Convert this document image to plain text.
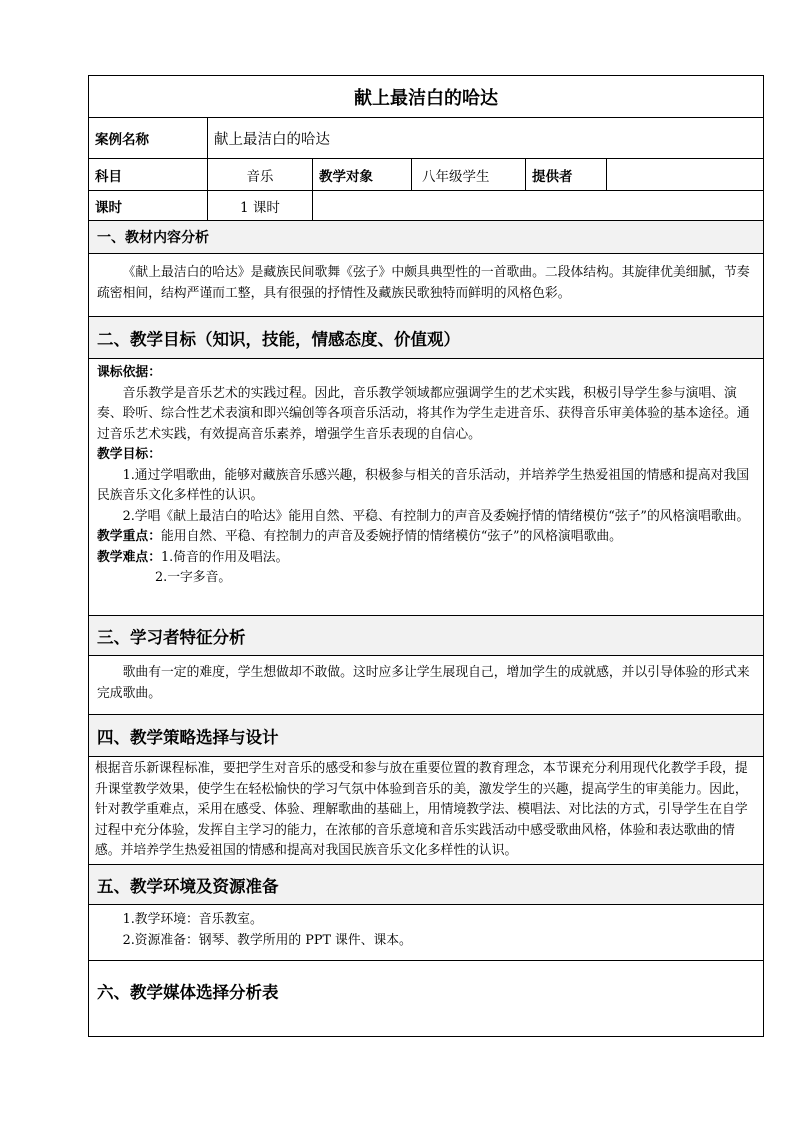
献上最洁白的哈达
案例名称	献上最洁白的哈达
科目	音乐	教学对象	八年级学生	提供者
课时	1 课时
一、教材内容分析
《献上最洁白的哈达》是藏族民间歌舞《弦子》中颇具典型性的一首歌曲。二段体结构。其旋律优美细腻，节奏疏密相间，结构严谨而工整，具有很强的抒情性及藏族民歌独特而鲜明的风格色彩。
二、教学目标（知识，技能，情感态度、价值观）

课标依据：

音乐教学是音乐艺术的实践过程。因此，音乐教学领域都应强调学生的艺术实践，积极引导学生参与演唱、演奏、聆听、综合性艺术表演和即兴编创等各项音乐活动，将其作为学生走进音乐、获得音乐审美体验的基本途径。通过音乐艺术实践，有效提高音乐素养，增强学生音乐表现的自信心。

教学目标：

1.通过学唱歌曲，能够对藏族音乐感兴趣，积极参与相关的音乐活动，并培养学生热爱祖国的情感和提高对我国民族音乐文化多样性的认识。

2.学唱《献上最洁白的哈达》能用自然、平稳、有控制力的声音及委婉抒情的情绪模仿“弦子”的风格演唱歌曲。

教学重点：能用自然、平稳、有控制力的声音及委婉抒情的情绪模仿“弦子”的风格演唱歌曲。

教学难点：1.倚音的作用及唱法。

2.一字多音。

三、学习者特征分析
歌曲有一定的难度，学生想做却不敢做。这时应多让学生展现自己，增加学生的成就感，并以引导体验的形式来完成歌曲。
四、教学策略选择与设计
根据音乐新课程标准，要把学生对音乐的感受和参与放在重要位置的教育理念，本节课充分利用现代化教学手段，提升课堂教学效果，使学生在轻松愉快的学习气氛中体验到音乐的美，激发学生的兴趣，提高学生的审美能力。因此，针对教学重难点，采用在感受、体验、理解歌曲的基础上，用情境教学法、模唱法、对比法的方式，引导学生在自学过程中充分体验，发挥自主学习的能力，在浓郁的音乐意境和音乐实践活动中感受歌曲风格，体验和表达歌曲的情感。并培养学生热爱祖国的情感和提高对我国民族音乐文化多样性的认识。
五、教学环境及资源准备

1.教学环境：音乐教室。

2.资源准备：钢琴、教学所用的 PPT 课件、课本。

六、教学媒体选择分析表
